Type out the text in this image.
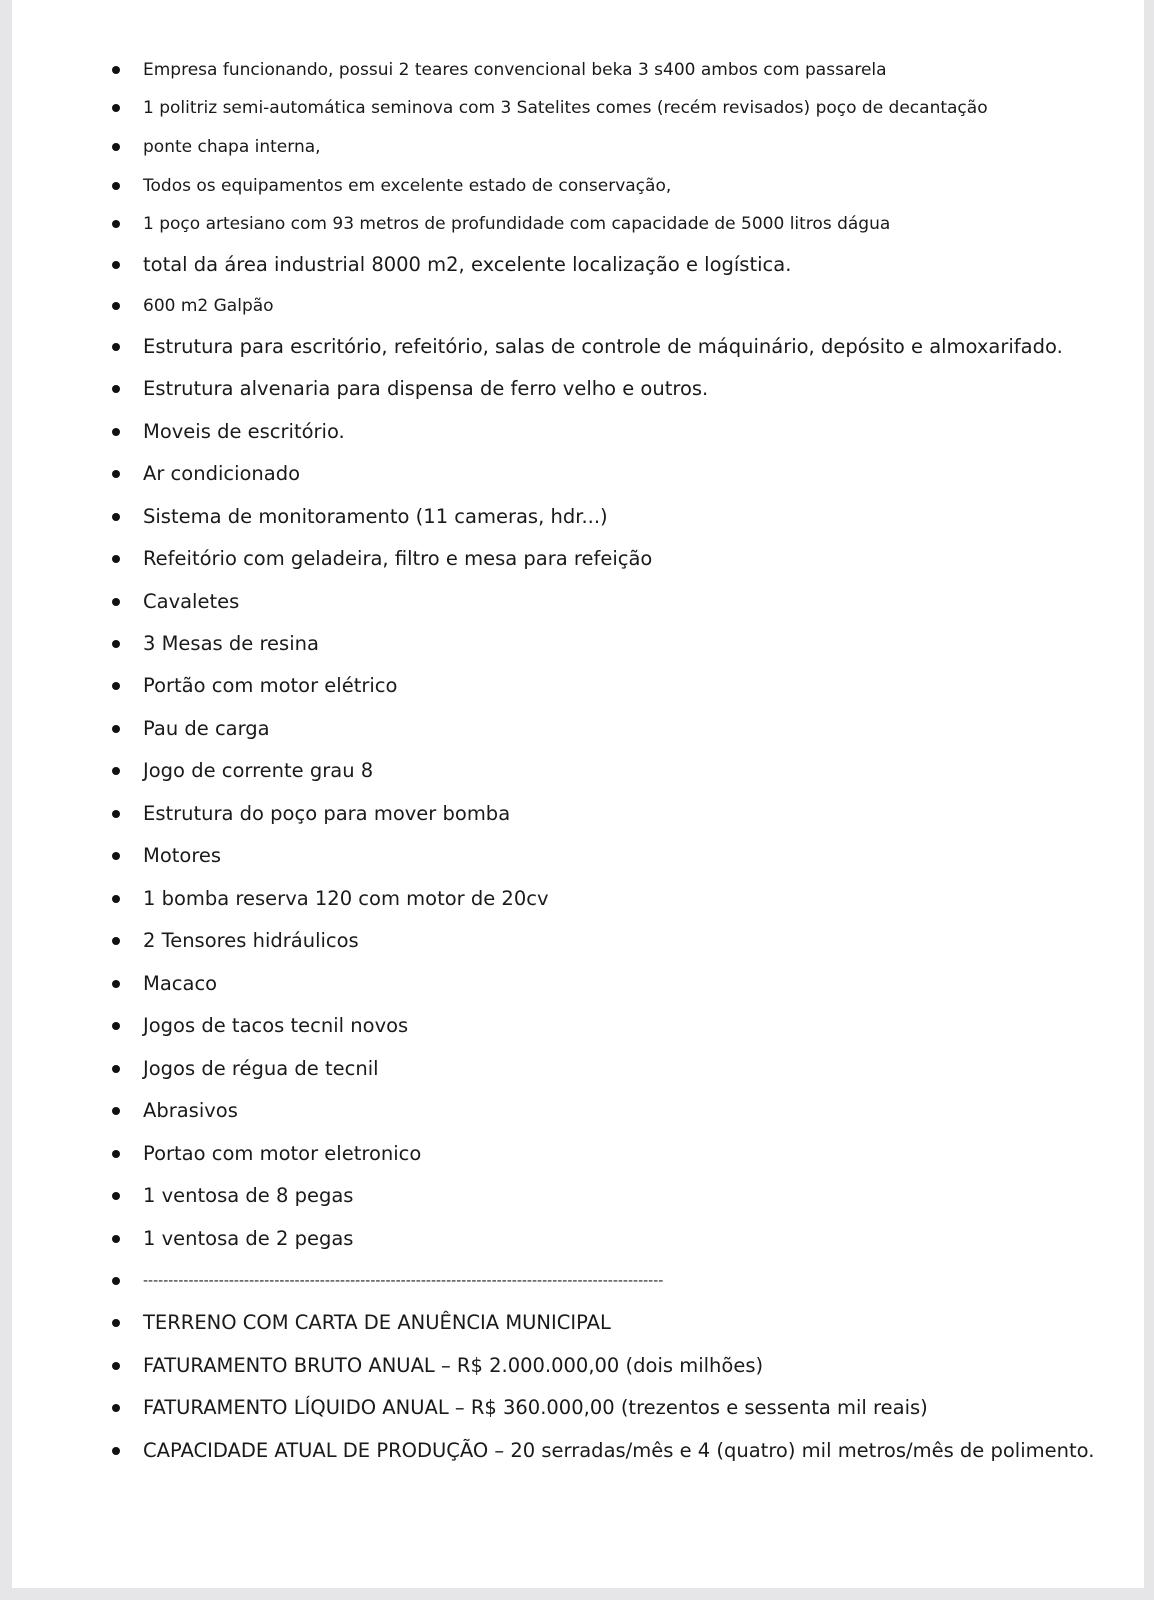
Empresa funcionando, possui 2 teares convencional beka 3 s400 ambos com passarela
1 politriz semi-automática seminova com 3 Satelites comes (recém revisados) poço de decantação
ponte chapa interna,
Todos os equipamentos em excelente estado de conservação,
1 poço artesiano com 93 metros de profundidade com capacidade de 5000 litros dágua
total da área industrial 8000 m2, excelente localização e logística.
600 m2 Galpão
Estrutura para escritório, refeitório, salas de controle de máquinário, depósito e almoxarifado.
Estrutura alvenaria para dispensa de ferro velho e outros.
Moveis de escritório.
Ar condicionado
Sistema de monitoramento (11 cameras, hdr...)
Refeitório com geladeira, filtro e mesa para refeição
Cavaletes
3 Mesas de resina
Portão com motor elétrico
Pau de carga
Jogo de corrente grau 8
Estrutura do poço para mover bomba
Motores
1 bomba reserva 120 com motor de 20cv
2 Tensores hidráulicos
Macaco
Jogos de tacos tecnil novos
Jogos de régua de tecnil
Abrasivos
Portao com motor eletronico
1 ventosa de 8 pegas
1 ventosa de 2 pegas
-------------------------------------------------------------------------------------------------------
TERRENO COM CARTA DE ANUÊNCIA MUNICIPAL
FATURAMENTO BRUTO ANUAL – R$ 2.000.000,00 (dois milhões)
FATURAMENTO LÍQUIDO ANUAL – R$ 360.000,00 (trezentos e sessenta mil reais)
CAPACIDADE ATUAL DE PRODUÇÃO – 20 serradas/mês e 4 (quatro) mil metros/mês de polimento.
